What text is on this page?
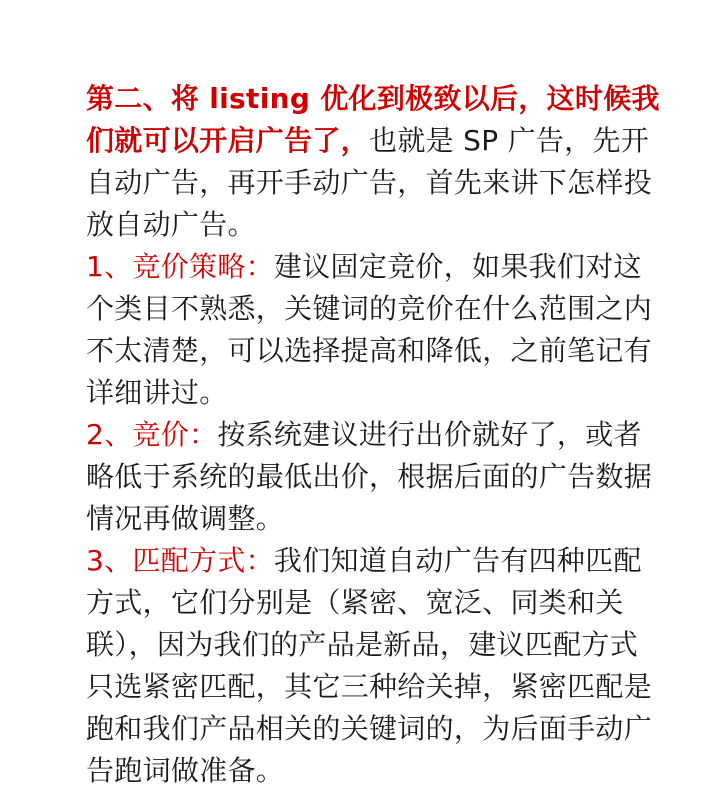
第二、将 listing 优化到极致以后，这时候我们就可以开启广告了，也就是 SP 广告，先开自动广告，再开手动广告，首先来讲下怎样投放自动广告。

1、竞价策略：建议固定竞价，如果我们对这个类目不熟悉，关键词的竞价在什么范围之内不太清楚，可以选择提高和降低，之前笔记有详细讲过。

2、竞价：按系统建议进行出价就好了，或者略低于系统的最低出价，根据后面的广告数据情况再做调整。

3、匹配方式：我们知道自动广告有四种匹配方式，它们分别是（紧密、宽泛、同类和关联），因为我们的产品是新品，建议匹配方式只选紧密匹配，其它三种给关掉，紧密匹配是跑和我们产品相关的关键词的，为后面手动广告跑词做准备。
